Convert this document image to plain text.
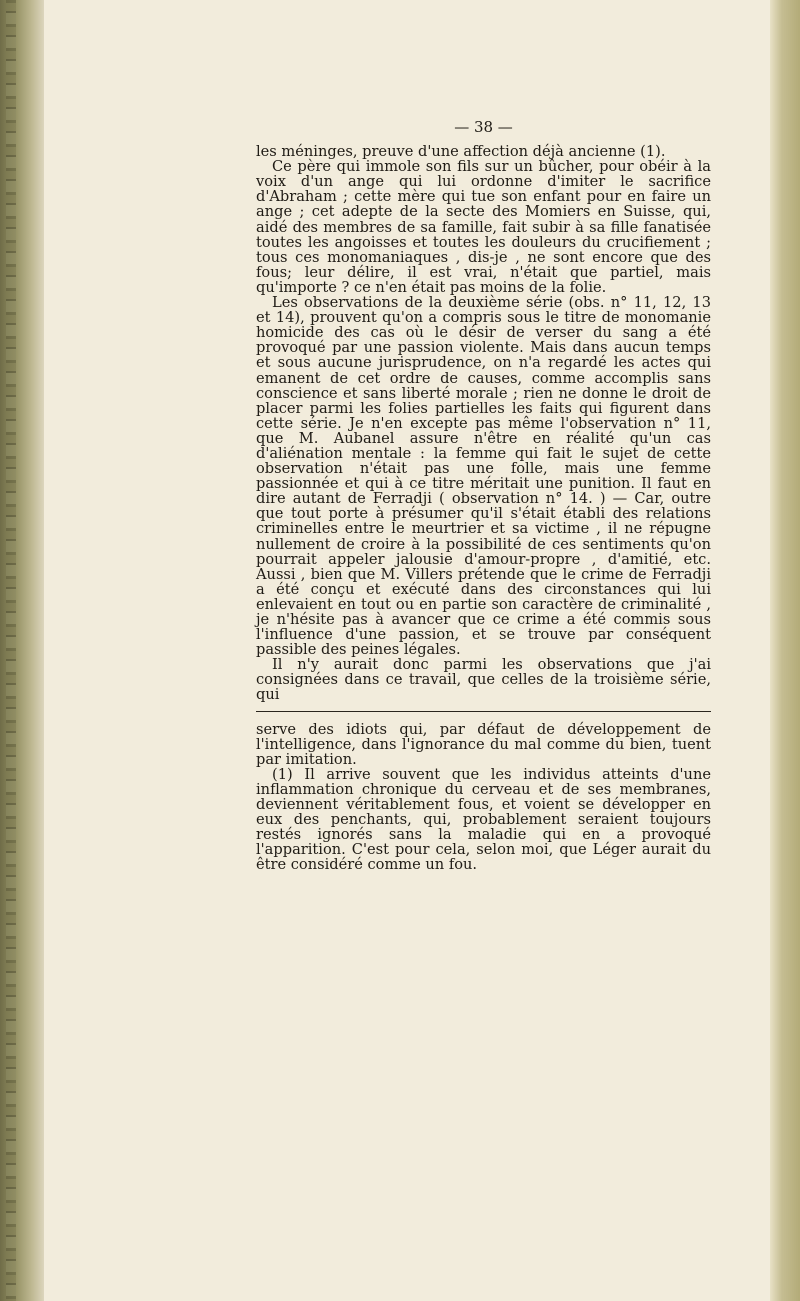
— 38 —

les méninges, preuve d'une affection déjà ancienne (1).

Ce père qui immole son fils sur un bûcher, pour obéir à la voix d'un ange qui lui ordonne d'imiter le sacrifice d'Abraham ; cette mère qui tue son enfant pour en faire un ange ; cet adepte de la secte des Momiers en Suisse, qui, aidé des membres de sa famille, fait subir à sa fille fanatisée toutes les angoisses et toutes les douleurs du crucifiement ; tous ces monomaniaques , dis-je , ne sont encore que des fous; leur délire, il est vrai, n'était que partiel, mais qu'importe ? ce n'en était pas moins de la folie.

Les observations de la deuxième série (obs. n° 11, 12, 13 et 14), prouvent qu'on a compris sous le titre de monomanie homicide des cas où le désir de verser du sang a été provoqué par une passion violente. Mais dans aucun temps et sous aucune jurisprudence, on n'a regardé les actes qui emanent de cet ordre de causes, comme accomplis sans conscience et sans liberté morale ; rien ne donne le droit de placer parmi les folies partielles les faits qui figurent dans cette série. Je n'en excepte pas même l'observation n° 11, que M. Aubanel assure n'être en réalité qu'un cas d'aliénation mentale : la femme qui fait le sujet de cette observation n'était pas une folle, mais une femme passionnée et qui à ce titre méritait une punition. Il faut en dire autant de Ferradji ( observation n° 14. ) — Car, outre que tout porte à présumer qu'il s'était établi des relations criminelles entre le meurtrier et sa victime , il ne répugne nullement de croire à la possibilité de ces sentiments qu'on pourrait appeler jalousie d'amour-propre , d'amitié, etc. Aussi , bien que M. Villers prétende que le crime de Ferradji a été conçu et exécuté dans des circonstances qui lui enlevaient en tout ou en partie son caractère de criminalité , je n'hésite pas à avancer que ce crime a été commis sous l'influence d'une passion, et se trouve par conséquent passible des peines légales.

Il n'y aurait donc parmi les observations que j'ai consignées dans ce travail, que celles de la troisième série, qui

serve des idiots qui, par défaut de développement de l'intelligence, dans l'ignorance du mal comme du bien, tuent par imitation.

(1) Il arrive souvent que les individus atteints d'une inflammation chronique du cerveau et de ses membranes, deviennent véritablement fous, et voient se développer en eux des penchants, qui, probablement seraient toujours restés ignorés sans la maladie qui en a provoqué l'apparition. C'est pour cela, selon moi, que Léger aurait du être considéré comme un fou.
